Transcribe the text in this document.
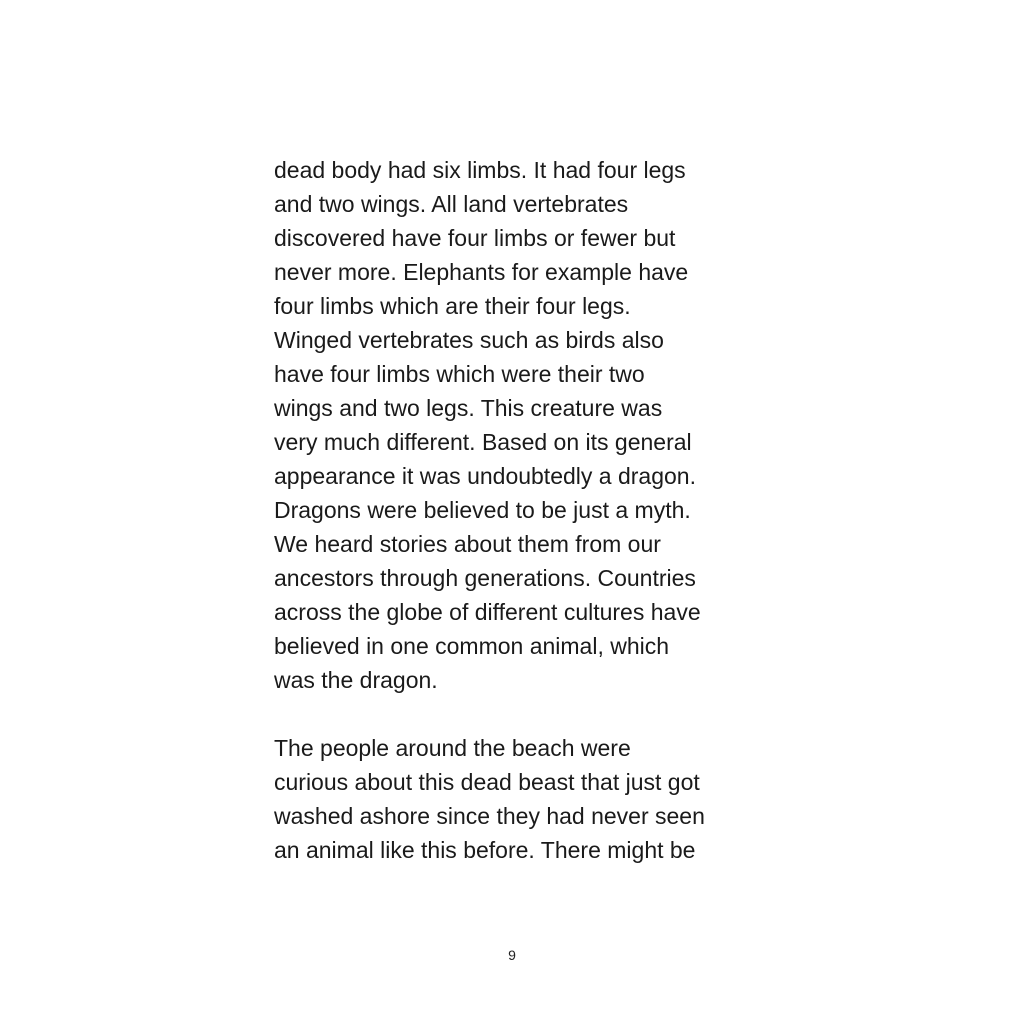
dead body had six limbs. It had four legs
and two wings. All land vertebrates
discovered have four limbs or fewer but
never more. Elephants for example have
four limbs which are their four legs.
Winged vertebrates such as birds also
have four limbs which were their two
wings and two legs. This creature was
very much different. Based on its general
appearance it was undoubtedly a dragon.
Dragons were believed to be just a myth.
We heard stories about them from our
ancestors through generations. Countries
across the globe of different cultures have
believed in one common animal, which
was the dragon.
The people around the beach were
curious about this dead beast that just got
washed ashore since they had never seen
an animal like this before. There might be
9
